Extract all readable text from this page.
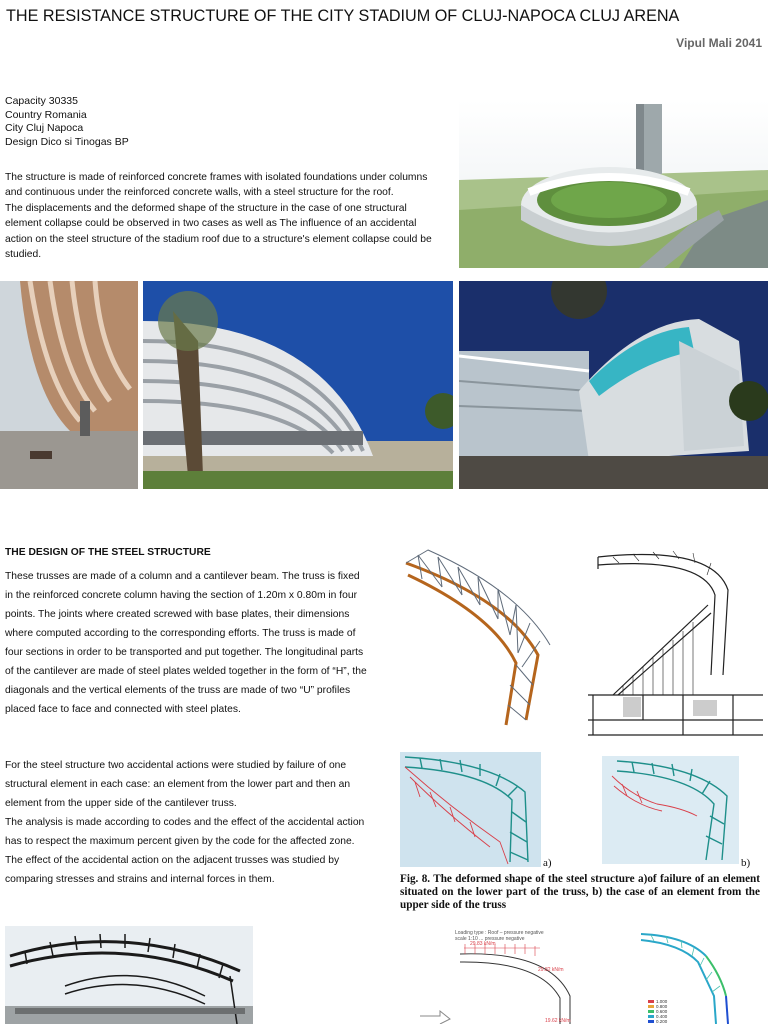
THE RESISTANCE STRUCTURE OF THE CITY STADIUM OF CLUJ-NAPOCA CLUJ ARENA
Vipul Mali 2041
Capacity 30335
Country Romania
City Cluj Napoca
Design Dico si Tinogas BP
The structure is made of reinforced concrete frames with isolated foundations under columns and continuous under the reinforced concrete walls, with a steel structure for the roof.
The displacements and the deformed shape of the structure in the case of one structural element collapse could be observed in two cases as well as The influence of an accidental action on the steel structure of the stadium roof due to a structure's element collapse could be studied.
THE DESIGN OF THE STEEL STRUCTURE

These trusses are made of a column and a cantilever beam. The truss is fixed in the reinforced concrete column having the section of 1.20m x 0.80m in four points. The joints where created screwed with base plates, their dimensions where computed according to the corresponding efforts. The truss is made of four sections in order to be transported and put together. The longitudinal parts of the cantilever are made of steel plates welded together in the form of “H”, the diagonals and the vertical elements of the truss are made of two “U” profiles placed face to face and connected with steel plates.

For the steel structure two accidental actions were studied by failure of one structural element in each case: an element from the lower part and then an element from the upper side of the cantilever truss.

The analysis is made according to codes and the effect of the accidental action has to respect the maximum percent given by the code for the affected zone.

The effect of the accidental action on the adjacent trusses was studied by comparing stresses and strains and internal forces in them.

a)	b)
Fig. 8. The deformed shape of the steel structure a)of failure of an element situated on the lower part of the truss, b) the case of an element from the upper side of the truss
Loading type : Roof – pressure negative
scale 1:10 ... pressure negative
29.83 kN/m
29.82 kN/m
19.62 kN/m
1.000
0.800
0.600
0.400
0.200
